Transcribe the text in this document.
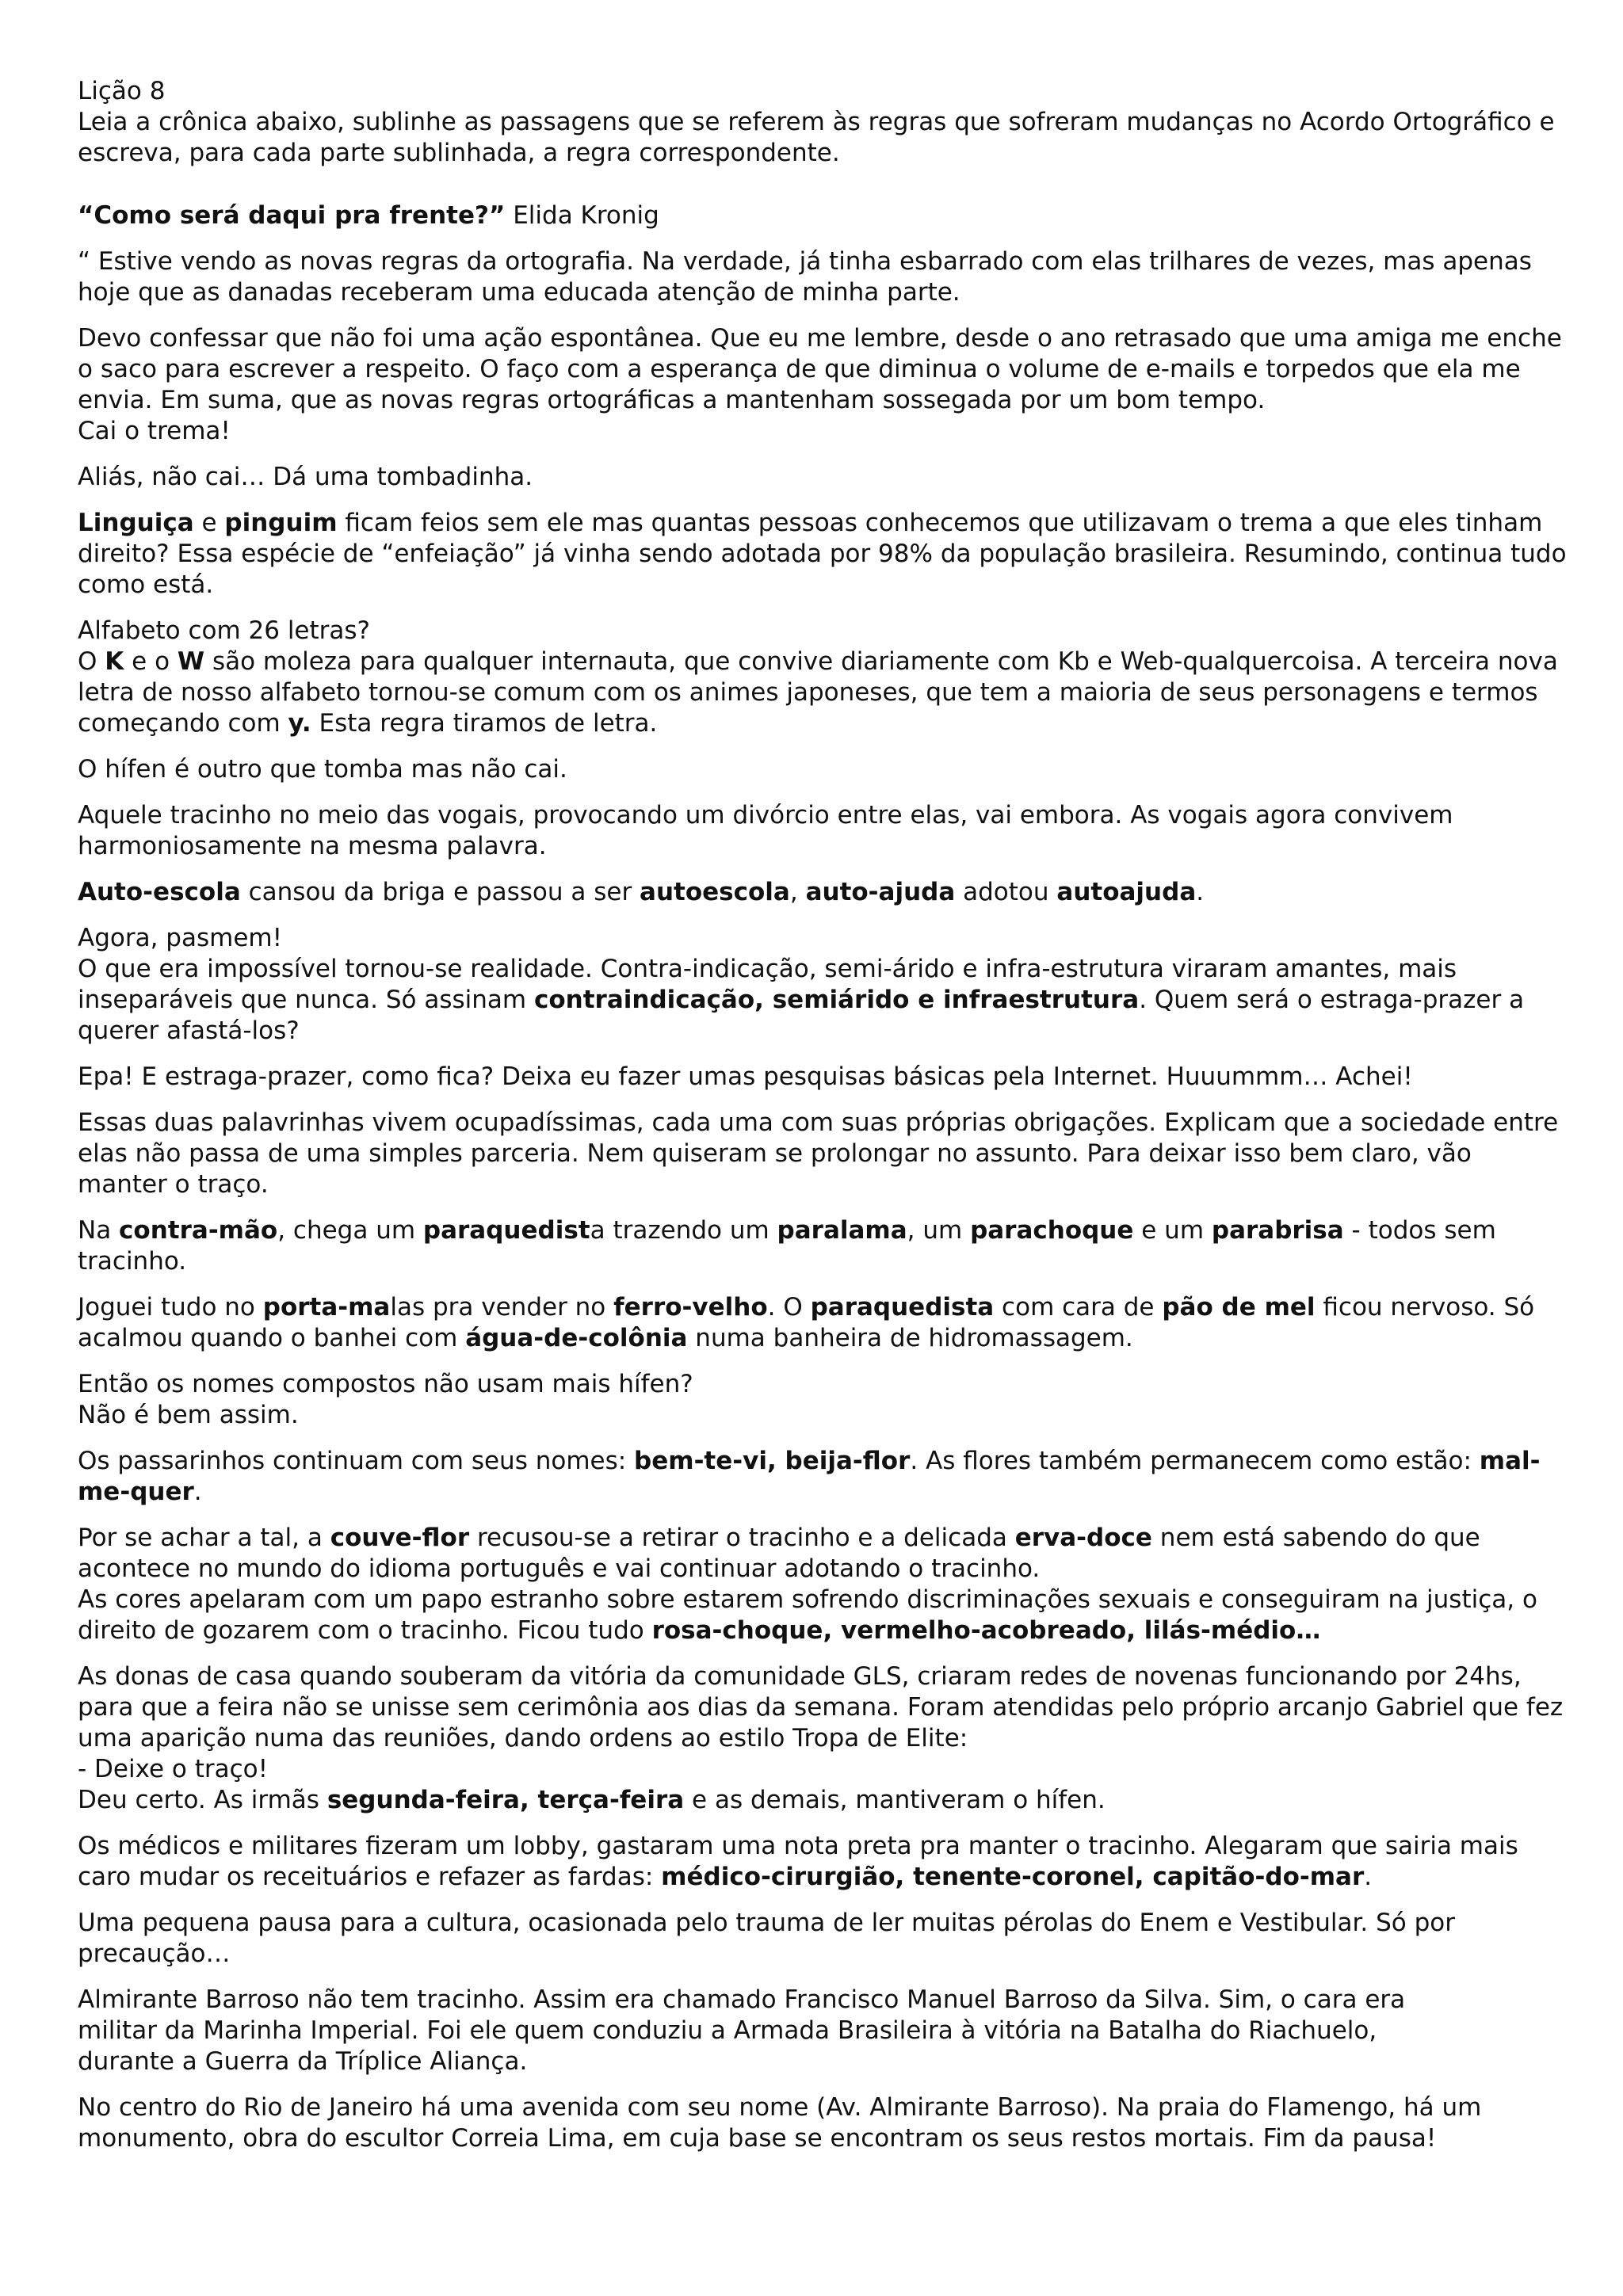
Lição 8

Leia a crônica abaixo, sublinhe as passagens que se referem às regras que sofreram mudanças no Acordo Ortográfico e escreva, para cada parte sublinhada, a regra correspondente.

“Como será daqui pra frente?” Elida Kronig

“ Estive vendo as novas regras da ortografia. Na verdade, já tinha esbarrado com elas trilhares de vezes, mas apenas hoje que as danadas receberam uma educada atenção de minha parte.

Devo confessar que não foi uma ação espontânea. Que eu me lembre, desde o ano retrasado que uma amiga me enche o saco para escrever a respeito. O faço com a esperança de que diminua o volume de e-mails e torpedos que ela me envia. Em suma, que as novas regras ortográficas a mantenham sossegada por um bom tempo.
Cai o trema!

Aliás, não cai… Dá uma tombadinha.

Linguiça e pinguim ficam feios sem ele mas quantas pessoas conhecemos que utilizavam o trema a que eles tinham direito? Essa espécie de “enfeiação” já vinha sendo adotada por 98% da população brasileira. Resumindo, continua tudo como está.

Alfabeto com 26 letras?
O K e o W são moleza para qualquer internauta, que convive diariamente com Kb e Web-qualquercoisa. A terceira nova letra de nosso alfabeto tornou-se comum com os animes japoneses, que tem a maioria de seus personagens e termos começando com y. Esta regra tiramos de letra.

O hífen é outro que tomba mas não cai.

Aquele tracinho no meio das vogais, provocando um divórcio entre elas, vai embora. As vogais agora convivem harmoniosamente na mesma palavra.

Auto-escola cansou da briga e passou a ser autoescola, auto-ajuda adotou autoajuda.

Agora, pasmem!
O que era impossível tornou-se realidade. Contra-indicação, semi-árido e infra-estrutura viraram amantes, mais inseparáveis que nunca. Só assinam contraindicação, semiárido e infraestrutura. Quem será o estraga-prazer a querer afastá-los?

Epa! E estraga-prazer, como fica? Deixa eu fazer umas pesquisas básicas pela Internet. Huuummm… Achei!

Essas duas palavrinhas vivem ocupadíssimas, cada uma com suas próprias obrigações. Explicam que a sociedade entre elas não passa de uma simples parceria. Nem quiseram se prolongar no assunto. Para deixar isso bem claro, vão manter o traço.

Na contra-mão, chega um paraquedista trazendo um paralama, um parachoque e um parabrisa - todos sem tracinho.

Joguei tudo no porta-malas pra vender no ferro-velho. O paraquedista com cara de pão de mel ficou nervoso. Só acalmou quando o banhei com água-de-colônia numa banheira de hidromassagem.

Então os nomes compostos não usam mais hífen?
Não é bem assim.

Os passarinhos continuam com seus nomes: bem-te-vi, beija-flor. As flores também permanecem como estão: mal-me-quer.

Por se achar a tal, a couve-flor recusou-se a retirar o tracinho e a delicada erva-doce nem está sabendo do que acontece no mundo do idioma português e vai continuar adotando o tracinho.
As cores apelaram com um papo estranho sobre estarem sofrendo discriminações sexuais e conseguiram na justiça, o direito de gozarem com o tracinho. Ficou tudo rosa-choque, vermelho-acobreado, lilás-médio…

As donas de casa quando souberam da vitória da comunidade GLS, criaram redes de novenas funcionando por 24hs, para que a feira não se unisse sem cerimônia aos dias da semana. Foram atendidas pelo próprio arcanjo Gabriel que fez uma aparição numa das reuniões, dando ordens ao estilo Tropa de Elite:
- Deixe o traço!
Deu certo. As irmãs segunda-feira, terça-feira e as demais, mantiveram o hífen.

Os médicos e militares fizeram um lobby, gastaram uma nota preta pra manter o tracinho. Alegaram que sairia mais caro mudar os receituários e refazer as fardas: médico-cirurgião, tenente-coronel, capitão-do-mar.

Uma pequena pausa para a cultura, ocasionada pelo trauma de ler muitas pérolas do Enem e Vestibular. Só por precaução…

Almirante Barroso não tem tracinho. Assim era chamado Francisco Manuel Barroso da Silva. Sim, o cara era
militar da Marinha Imperial. Foi ele quem conduziu a Armada Brasileira à vitória na Batalha do Riachuelo,
durante a Guerra da Tríplice Aliança.

No centro do Rio de Janeiro há uma avenida com seu nome (Av. Almirante Barroso). Na praia do Flamengo, há um monumento, obra do escultor Correia Lima, em cuja base se encontram os seus restos mortais. Fim da pausa!
